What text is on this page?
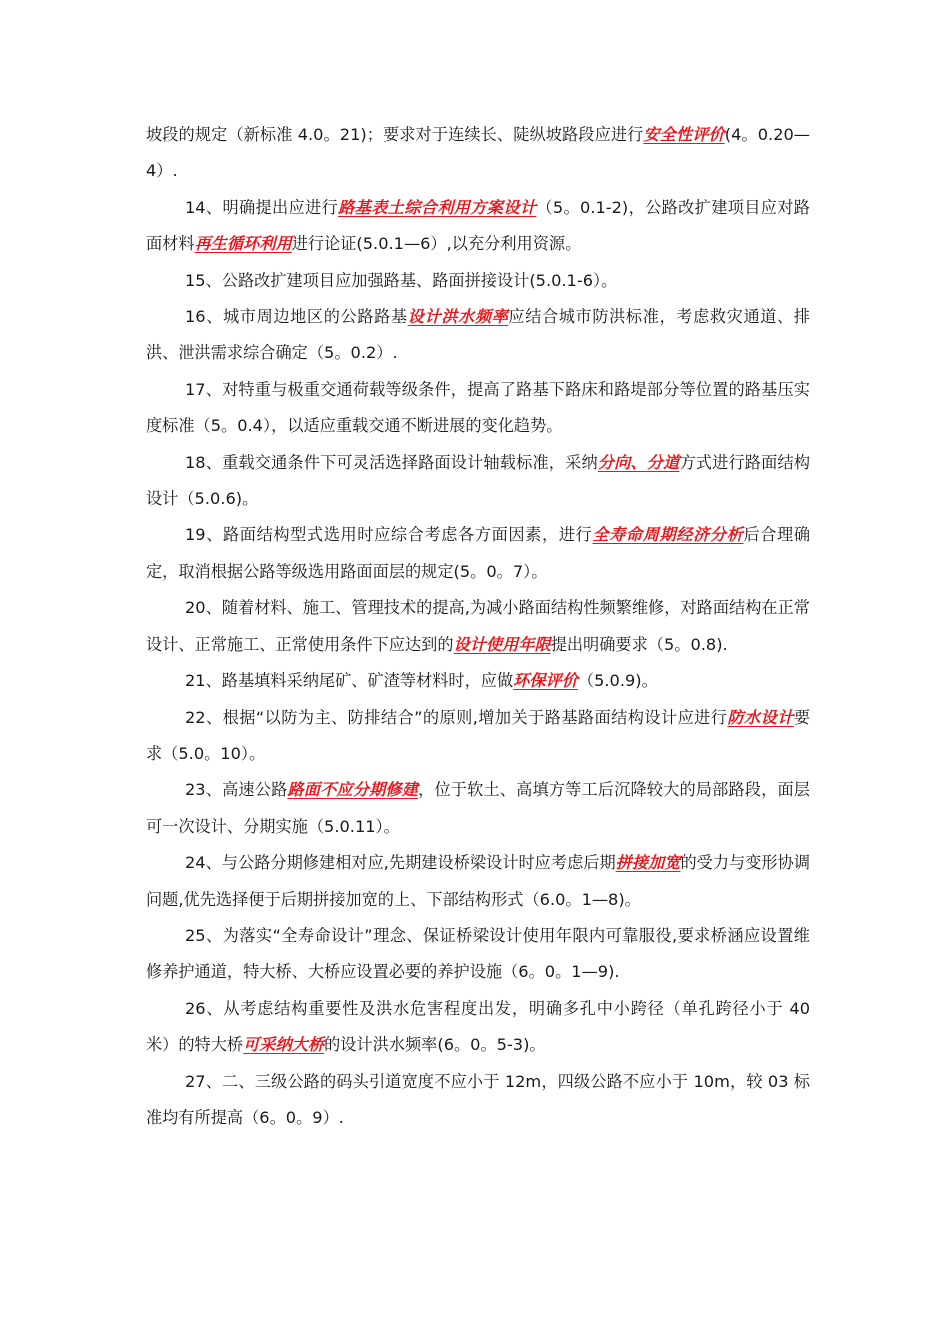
坡段的规定（新标准 4.0。21)；要求对于连续长、陡纵坡路段应进行安全性评价(4。0.20—4）.

14、明确提出应进行路基表土综合利用方案设计（5。0.1-2)，公路改扩建项目应对路面材料再生循环利用进行论证(5.0.1—6）,以充分利用资源。

15、公路改扩建项目应加强路基、路面拼接设计(5.0.1-6）。

16、城市周边地区的公路路基设计洪水频率应结合城市防洪标准，考虑救灾通道、排洪、泄洪需求综合确定（5。0.2）.

17、对特重与极重交通荷载等级条件，提高了路基下路床和路堤部分等位置的路基压实度标准（5。0.4），以适应重载交通不断进展的变化趋势。

18、重载交通条件下可灵活选择路面设计轴载标准，采纳分向、分道方式进行路面结构设计（5.0.6)。

19、路面结构型式选用时应综合考虑各方面因素，进行全寿命周期经济分析后合理确定，取消根据公路等级选用路面面层的规定(5。0。7）。

20、随着材料、施工、管理技术的提高,为减小路面结构性频繁维修，对路面结构在正常设计、正常施工、正常使用条件下应达到的设计使用年限提出明确要求（5。0.8).

21、路基填料采纳尾矿、矿渣等材料时，应做环保评价（5.0.9)。

22、根据“以防为主、防排结合”的原则,增加关于路基路面结构设计应进行防水设计要求（5.0。10）。

23、高速公路路面不应分期修建，位于软土、高填方等工后沉降较大的局部路段，面层可一次设计、分期实施（5.0.11）。

24、与公路分期修建相对应,先期建设桥梁设计时应考虑后期拼接加宽的受力与变形协调问题,优先选择便于后期拼接加宽的上、下部结构形式（6.0。1—8)。

25、为落实“全寿命设计”理念、保证桥梁设计使用年限内可靠服役,要求桥涵应设置维修养护通道，特大桥、大桥应设置必要的养护设施（6。0。1—9).

26、从考虑结构重要性及洪水危害程度出发，明确多孔中小跨径（单孔跨径小于 40 米）的特大桥可采纳大桥的设计洪水频率(6。0。5-3)。

27、二、三级公路的码头引道宽度不应小于 12m，四级公路不应小于 10m，较 03 标准均有所提高（6。0。9）.
